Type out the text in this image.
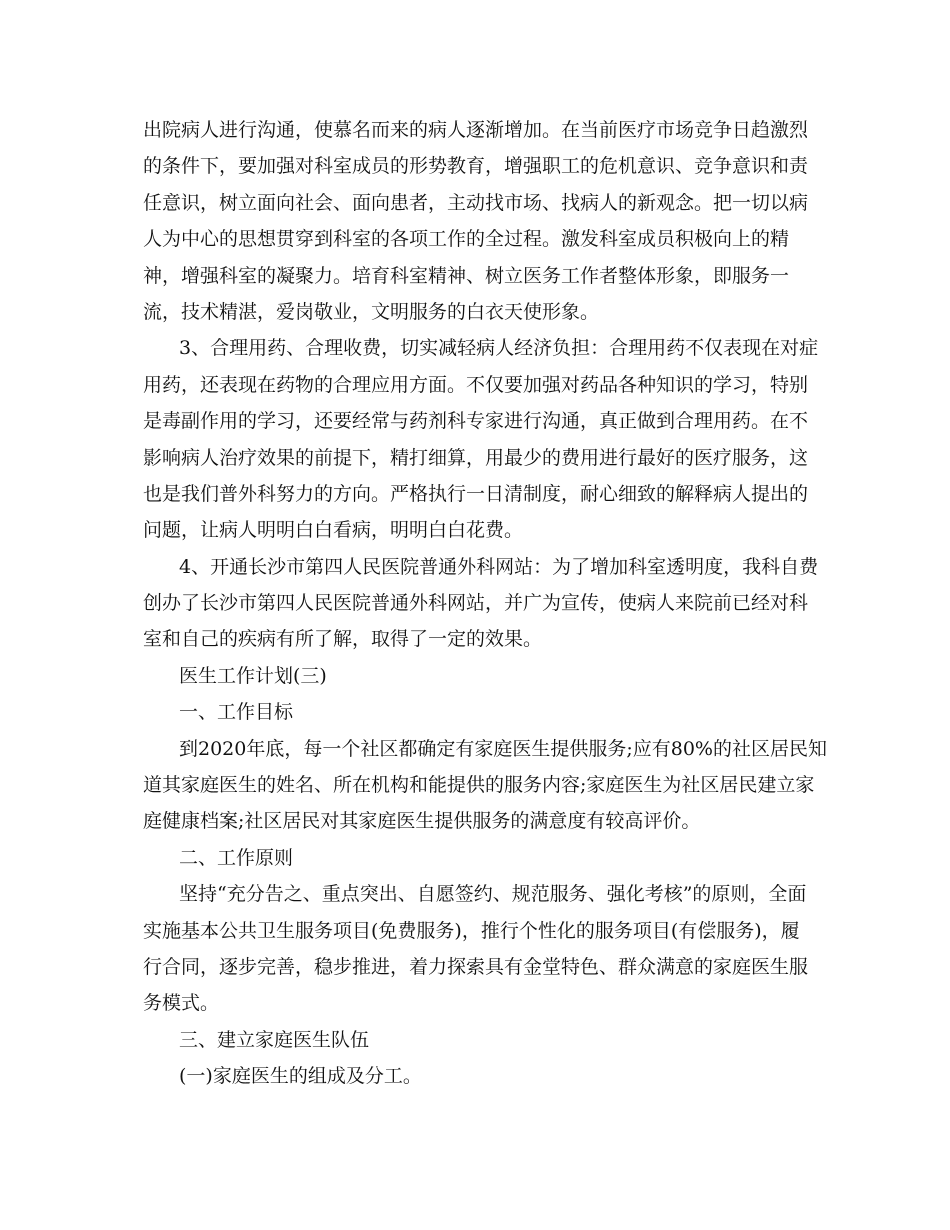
出院病人进行沟通，使慕名而来的病人逐渐增加。在当前医疗市场竞争日趋激烈
的条件下，要加强对科室成员的形势教育，增强职工的危机意识、竞争意识和责
任意识，树立面向社会、面向患者，主动找市场、找病人的新观念。把一切以病
人为中心的思想贯穿到科室的各项工作的全过程。激发科室成员积极向上的精
神，增强科室的凝聚力。培育科室精神、树立医务工作者整体形象，即服务一
流，技术精湛，爱岗敬业，文明服务的白衣天使形象。
3、合理用药、合理收费，切实减轻病人经济负担：合理用药不仅表现在对症
用药，还表现在药物的合理应用方面。不仅要加强对药品各种知识的学习，特别
是毒副作用的学习，还要经常与药剂科专家进行沟通，真正做到合理用药。在不
影响病人治疗效果的前提下，精打细算，用最少的费用进行最好的医疗服务，这
也是我们普外科努力的方向。严格执行一日清制度，耐心细致的解释病人提出的
问题，让病人明明白白看病，明明白白花费。
4、开通长沙市第四人民医院普通外科网站：为了增加科室透明度，我科自费
创办了长沙市第四人民医院普通外科网站，并广为宣传，使病人来院前已经对科
室和自己的疾病有所了解，取得了一定的效果。
医生工作计划(三)
一、工作目标
到2020年底，每一个社区都确定有家庭医生提供服务;应有80%的社区居民知
道其家庭医生的姓名、所在机构和能提供的服务内容;家庭医生为社区居民建立家
庭健康档案;社区居民对其家庭医生提供服务的满意度有较高评价。
二、工作原则
坚持“充分告之、重点突出、自愿签约、规范服务、强化考核”的原则，全面
实施基本公共卫生服务项目(免费服务)，推行个性化的服务项目(有偿服务)，履
行合同，逐步完善，稳步推进，着力探索具有金堂特色、群众满意的家庭医生服
务模式。
三、建立家庭医生队伍
(一)家庭医生的组成及分工。
